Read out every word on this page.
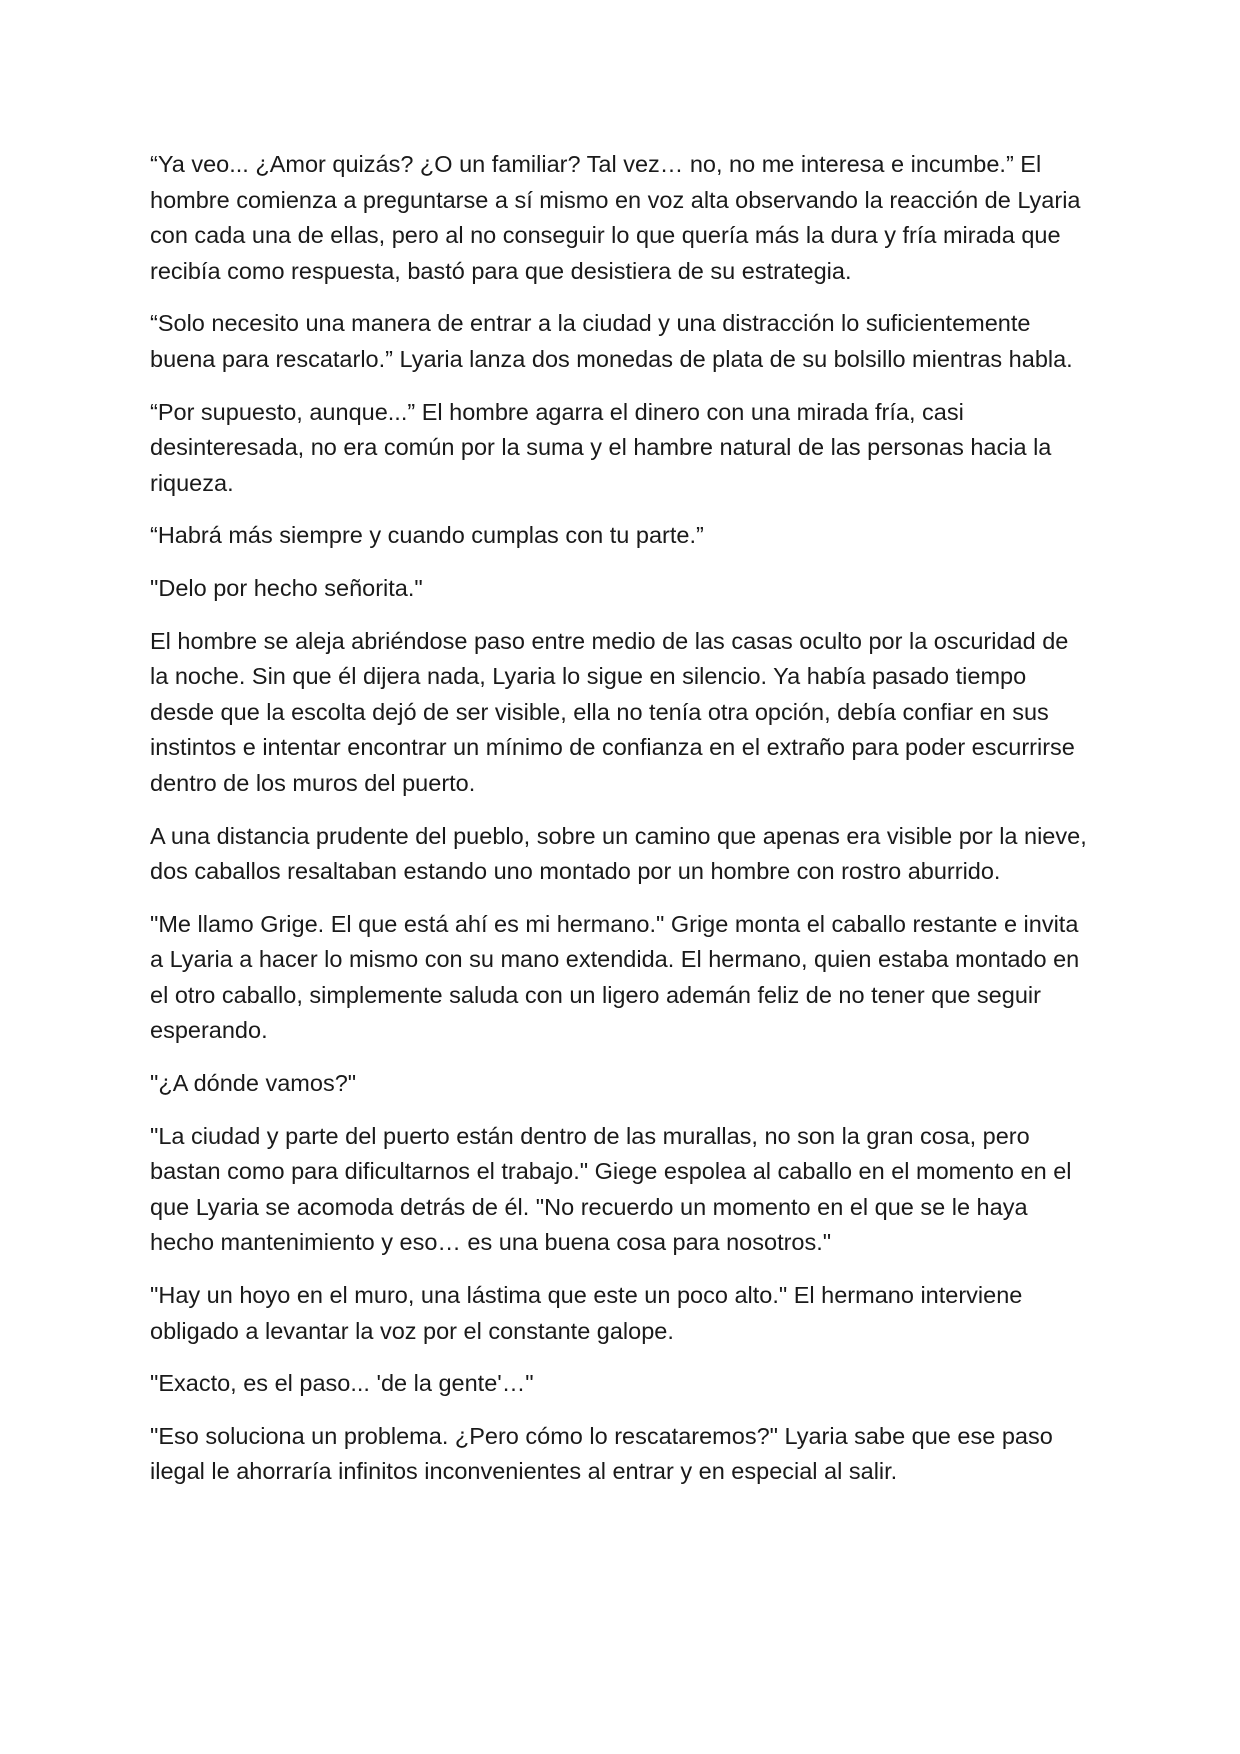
“Ya veo... ¿Amor quizás? ¿O un familiar? Tal vez… no, no me interesa e incumbe.” El hombre comienza a preguntarse a sí mismo en voz alta observando la reacción de Lyaria con cada una de ellas, pero al no conseguir lo que quería más la dura y fría mirada que recibía como respuesta, bastó para que desistiera de su estrategia.

“Solo necesito una manera de entrar a la ciudad y una distracción lo suficientemente buena para rescatarlo.” Lyaria lanza dos monedas de plata de su bolsillo mientras habla.

“Por supuesto, aunque...” El hombre agarra el dinero con una mirada fría, casi desinteresada, no era común por la suma y el hambre natural de las personas hacia la riqueza.

“Habrá más siempre y cuando cumplas con tu parte.”

"Delo por hecho señorita."

El hombre se aleja abriéndose paso entre medio de las casas oculto por la oscuridad de la noche. Sin que él dijera nada, Lyaria lo sigue en silencio. Ya había pasado tiempo desde que la escolta dejó de ser visible, ella no tenía otra opción, debía confiar en sus instintos e intentar encontrar un mínimo de confianza en el extraño para poder escurrirse dentro de los muros del puerto.

A una distancia prudente del pueblo, sobre un camino que apenas era visible por la nieve, dos caballos resaltaban estando uno montado por un hombre con rostro aburrido.

"Me llamo Grige. El que está ahí es mi hermano." Grige monta el caballo restante e invita a Lyaria a hacer lo mismo con su mano extendida. El hermano, quien estaba montado en el otro caballo, simplemente saluda con un ligero ademán feliz de no tener que seguir esperando.

"¿A dónde vamos?"

"La ciudad y parte del puerto están dentro de las murallas, no son la gran cosa, pero bastan como para dificultarnos el trabajo." Giege espolea al caballo en el momento en el que Lyaria se acomoda detrás de él. "No recuerdo un momento en el que se le haya hecho mantenimiento y eso… es una buena cosa para nosotros."

"Hay un hoyo en el muro, una lástima que este un poco alto." El hermano interviene obligado a levantar la voz por el constante galope.

"Exacto, es el paso... 'de la gente'…"

"Eso soluciona un problema. ¿Pero cómo lo rescataremos?" Lyaria sabe que ese paso ilegal le ahorraría infinitos inconvenientes al entrar y en especial al salir.
